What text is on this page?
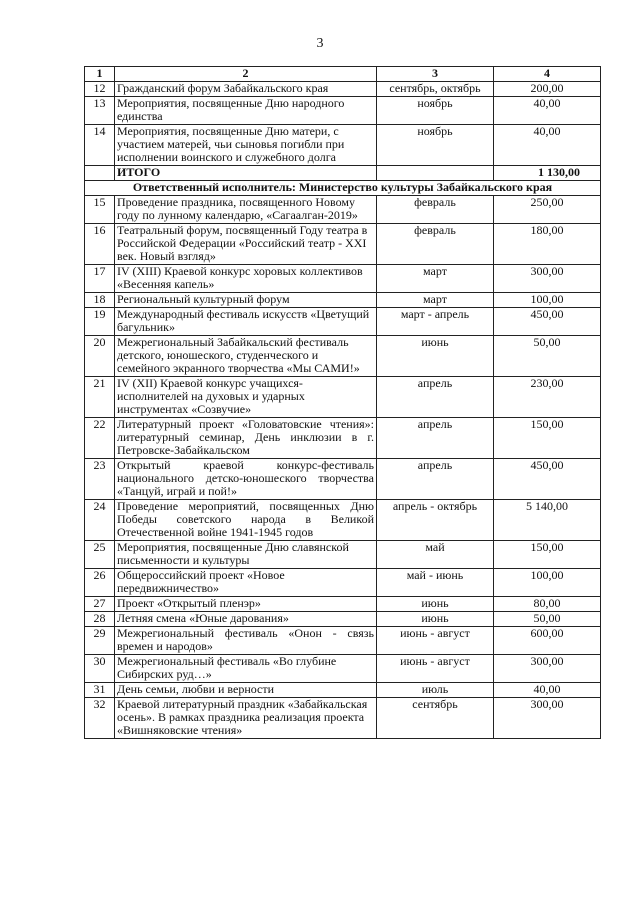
3
1	2	3	4
12	Гражданский форум Забайкальского края	сентябрь, октябрь	200,00
13	Мероприятия, посвященные Дню народного единства	ноябрь	40,00
14	Мероприятия, посвященные Дню матери, с участием матерей, чьи сыновья погибли при исполнении воинского и служебного долга	ноябрь	40,00
	ИТОГО		1 130,00
Ответственный исполнитель: Министерство культуры Забайкальского края			
15	Проведение праздника, посвященного Новому году по лунному календарю, «Сагаалган-2019»	февраль	250,00
16	Театральный форум, посвященный Году театра в Российской Федерации «Российский театр - XXI век. Новый взгляд»	февраль	180,00
17	IV (XIII) Краевой конкурс хоровых коллективов «Весенняя капель»	март	300,00
18	Региональный культурный форум	март	100,00
19	Международный фестиваль искусств «Цветущий багульник»	март - апрель	450,00
20	Межрегиональный Забайкальский фестиваль детского, юношеского, студенческого и семейного экранного творчества «Мы САМИ!»	июнь	50,00
21	IV (XII) Краевой конкурс учащихся-исполнителей на духовых и ударных инструментах «Созвучие»	апрель	230,00
22	Литературный проект «Головатовские чтения»: литературный семинар, День инклюзии в г. Петровске-Забайкальском	апрель	150,00
23	Открытый краевой конкурс-фестиваль национального детско-юношеского творчества «Танцуй, играй и пой!»	апрель	450,00
24	Проведение мероприятий, посвященных Дню Победы советского народа в Великой Отечественной войне 1941-1945 годов	апрель - октябрь	5 140,00
25	Мероприятия, посвященные Дню славянской письменности и культуры	май	150,00
26	Общероссийский проект «Новое передвижничество»	май - июнь	100,00
27	Проект «Открытый пленэр»	июнь	80,00
28	Летняя смена «Юные дарования»	июнь	50,00
29	Межрегиональный фестиваль «Онон - связь времен и народов»	июнь - август	600,00
30	Межрегиональный фестиваль «Во глубине Сибирских руд…»	июнь - август	300,00
31	День семьи, любви и верности	июль	40,00
32	Краевой литературный праздник «Забайкальская осень». В рамках праздника реализация проекта «Вишняковские чтения»	сентябрь	300,00
